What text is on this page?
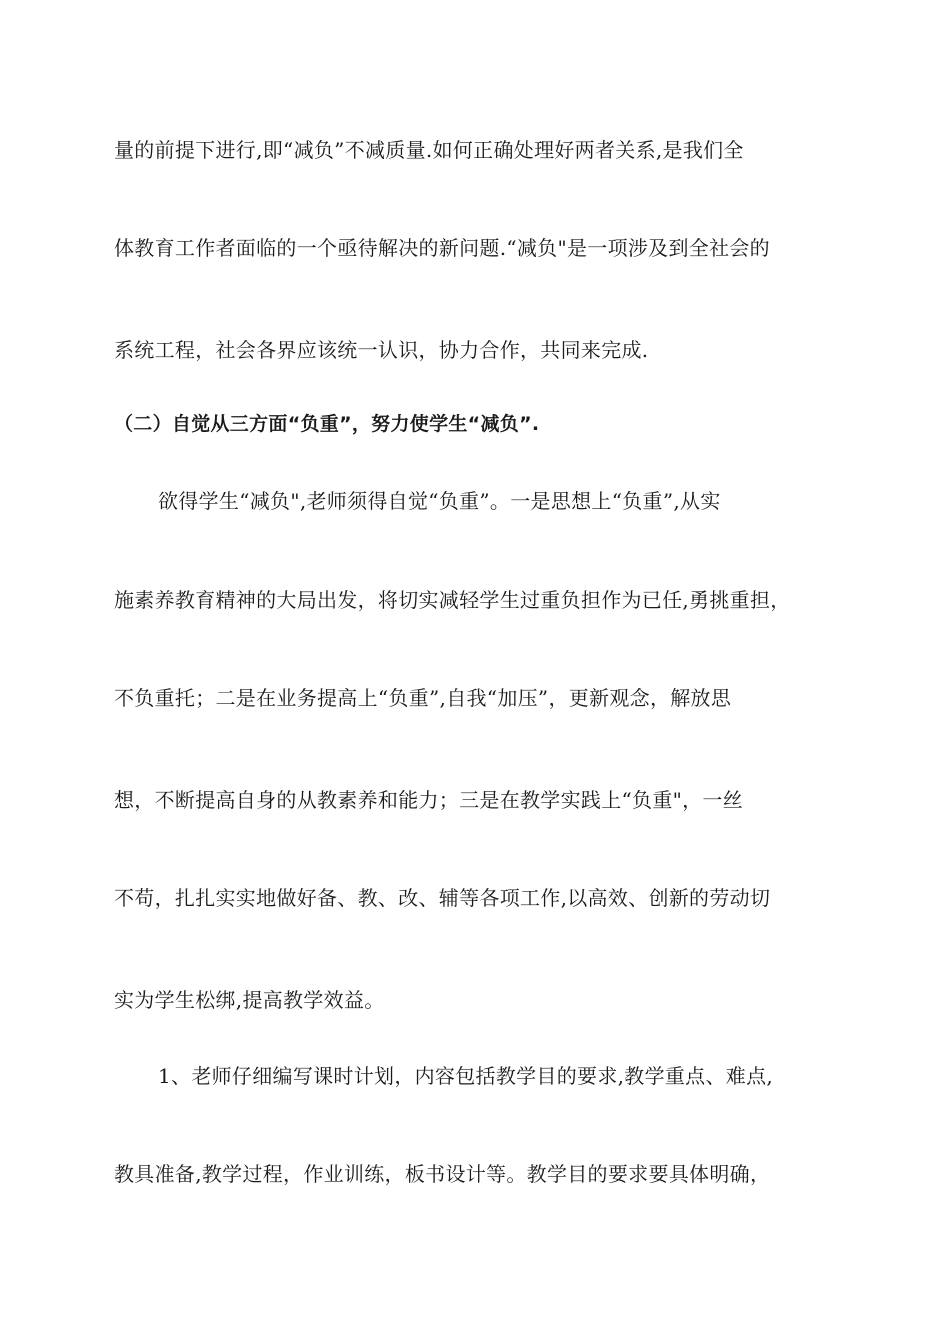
量的前提下进行,即“减负”不减质量.如何正确处理好两者关系,是我们全
体教育工作者面临的一个亟待解决的新问题.“减负"是一项涉及到全社会的
系统工程，社会各界应该统一认识，协力合作，共同来完成.
（二）自觉从三方面“负重”，努力使学生“减负”.
欲得学生“减负",老师须得自觉“负重”。一是思想上“负重”,从实
施素养教育精神的大局出发，将切实减轻学生过重负担作为已任,勇挑重担，
不负重托；二是在业务提高上“负重”,自我“加压”，更新观念，解放思
想，不断提高自身的从教素养和能力；三是在教学实践上“负重"，一丝
不苟，扎扎实实地做好备、教、改、辅等各项工作,以高效、创新的劳动切
实为学生松绑,提高教学效益。
1、老师仔细编写课时计划，内容包括教学目的要求,教学重点、难点,
教具准备,教学过程，作业训练，板书设计等。教学目的要求要具体明确，
